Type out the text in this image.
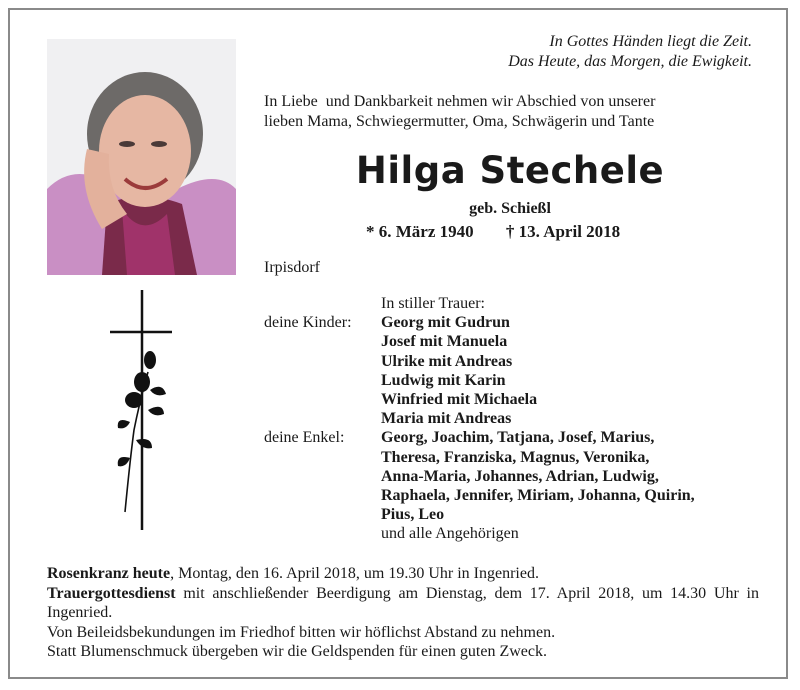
In Gottes Händen liegt die Zeit.
Das Heute, das Morgen, die Ewigkeit.
In Liebe  und Dankbarkeit nehmen wir Abschied von unserer
lieben Mama, Schwiegermutter, Oma, Schwägerin und Tante
Hilga Stechele
geb. Schießl
* 6. März 1940 † 13. April 2018
Irpisdorf
In stiller Trauer:
deine Kinder:	Georg mit Gudrun
Josef mit Manuela
Ulrike mit Andreas
Ludwig mit Karin
Winfried mit Michaela
Maria mit Andreas
deine Enkel:	Georg, Joachim, Tatjana, Josef, Marius,
Theresa, Franziska, Magnus, Veronika,
Anna-Maria, Johannes, Adrian, Ludwig,
Raphaela, Jennifer, Miriam, Johanna, Quirin,
Pius, Leo
und alle Angehörigen

Rosenkranz heute, Montag, den 16. April 2018, um 19.30 Uhr in Ingenried.

Trauergottesdienst mit anschließender Beerdigung am Dienstag, dem 17. April 2018, um 14.30 Uhr in Ingenried.

Von Beileidsbekundungen im Friedhof bitten wir höflichst Abstand zu nehmen.

Statt Blumenschmuck übergeben wir die Geldspenden für einen guten Zweck.
